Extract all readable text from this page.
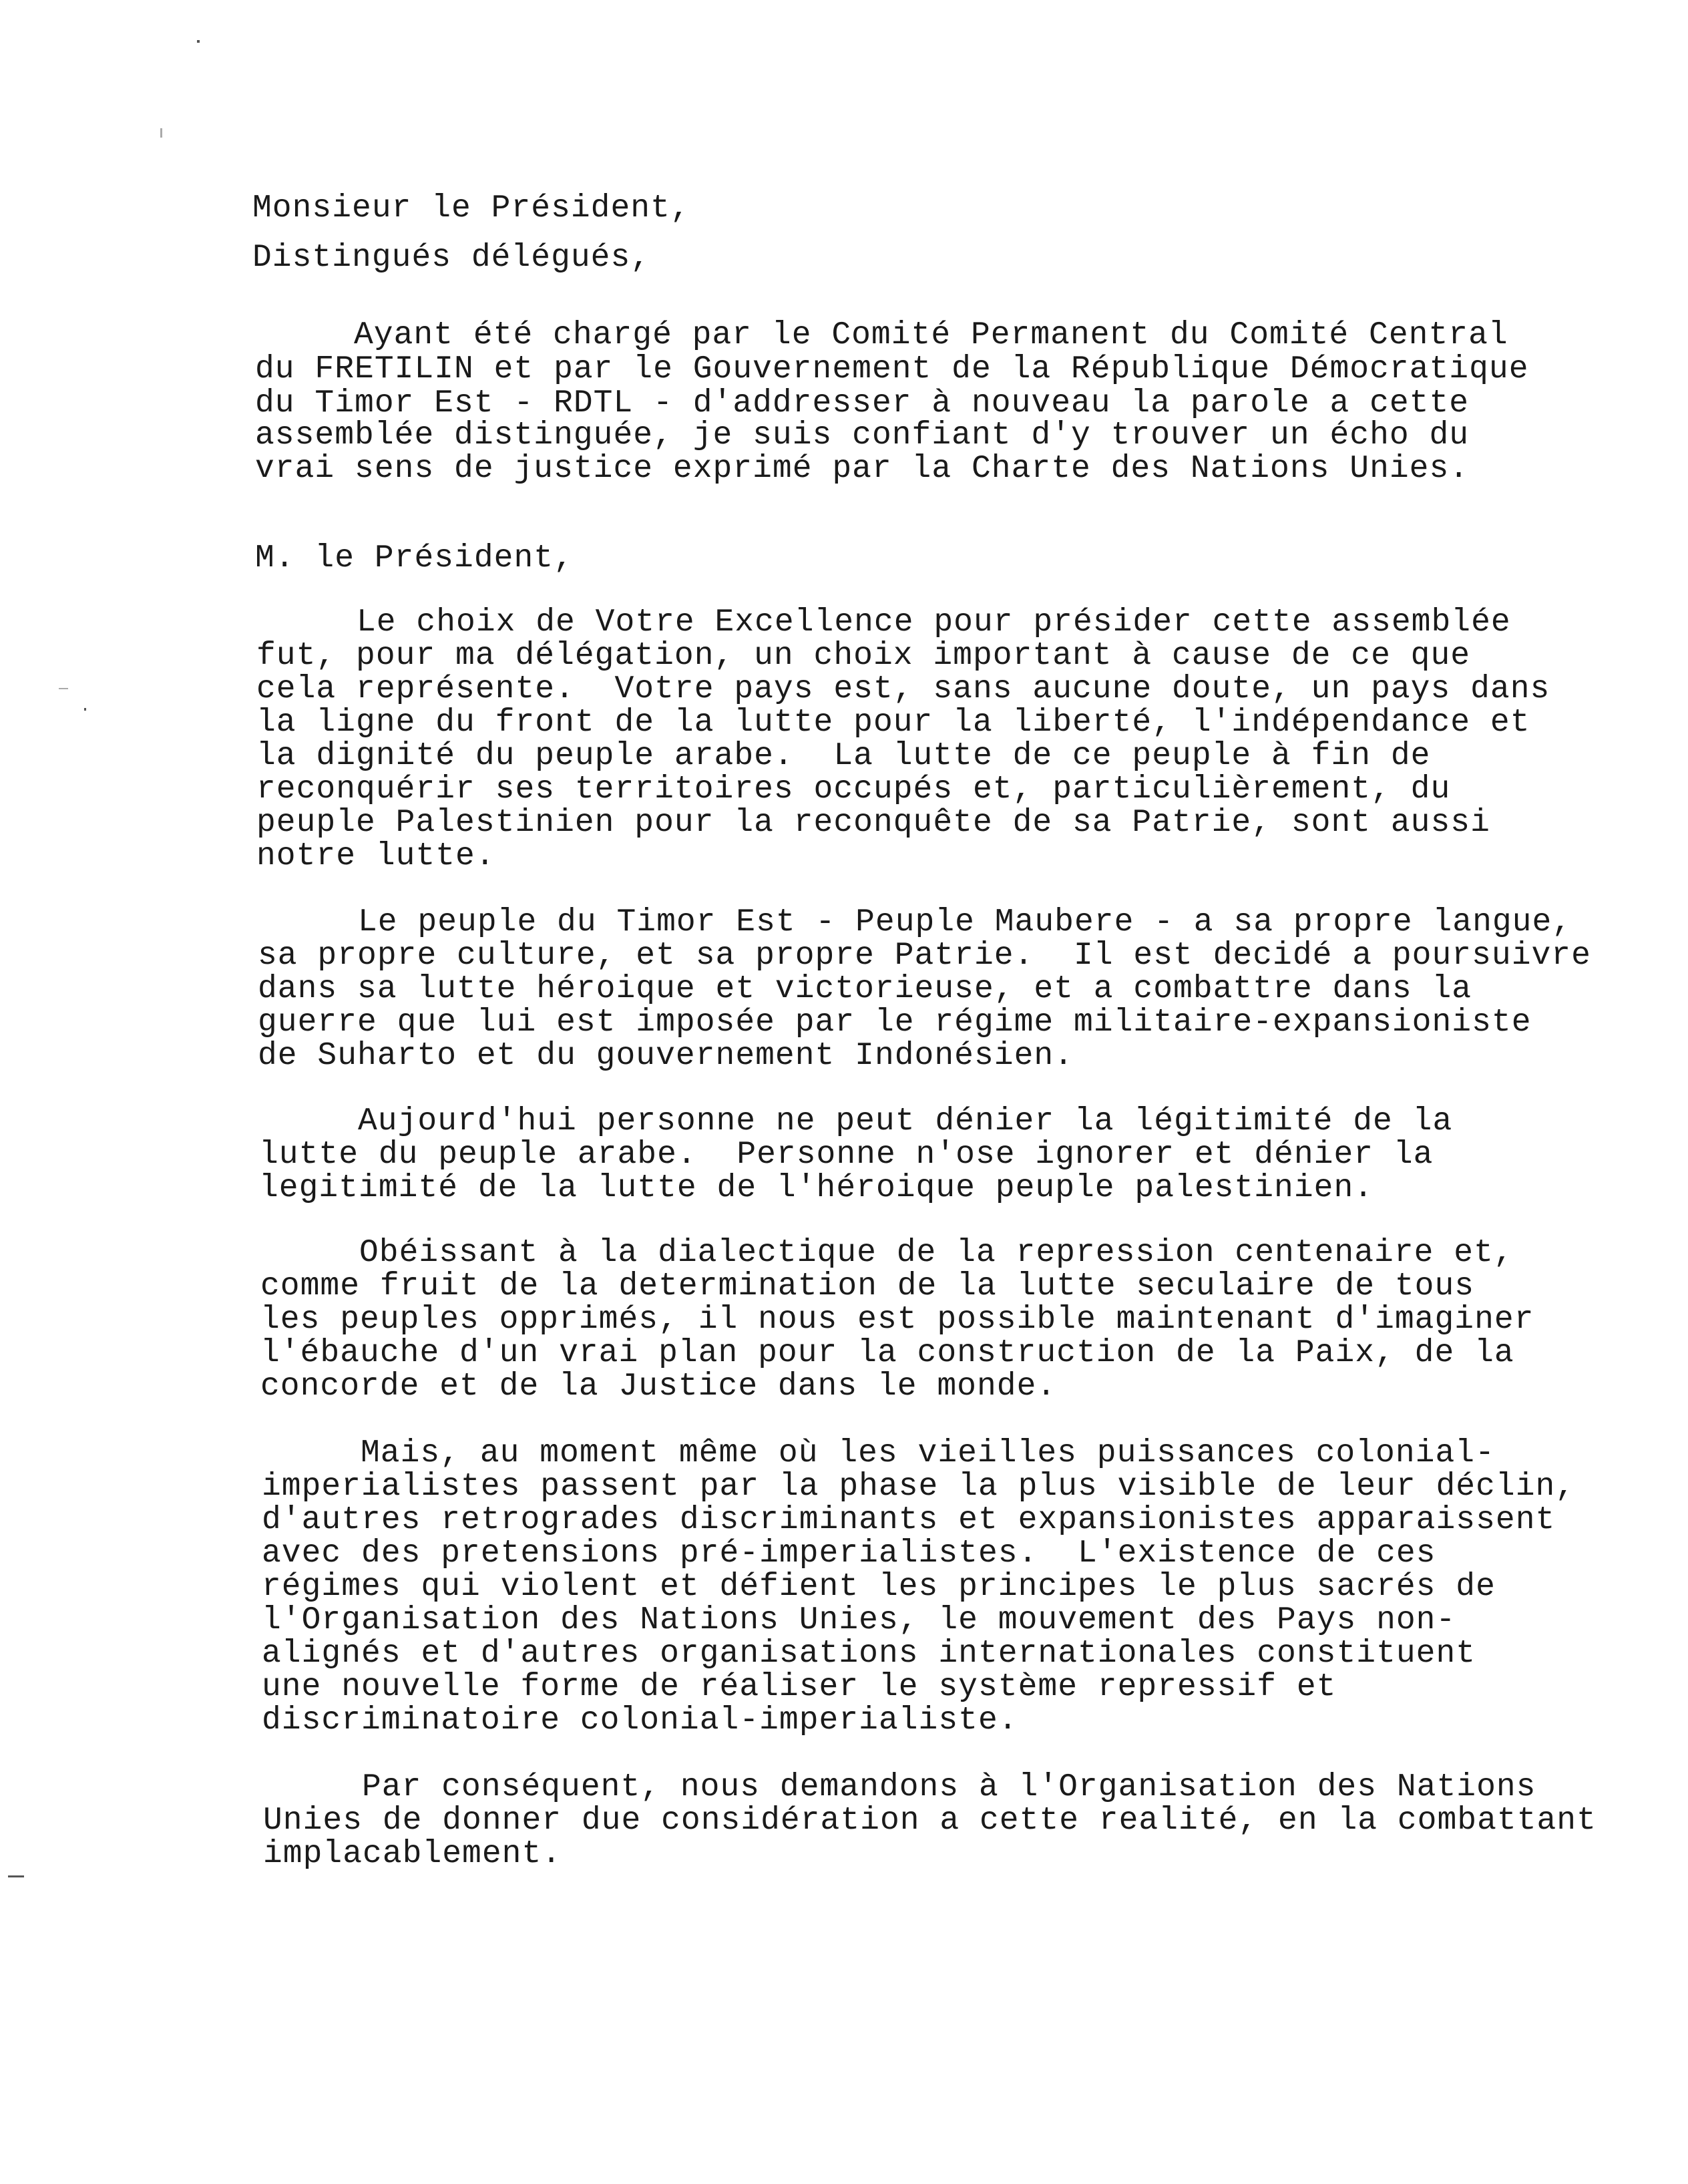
Monsieur le Président,
Distingués délégués,
Ayant été chargé par le Comité Permanent du Comité Central
du FRETILIN et par le Gouvernement de la République Démocratique
du Timor Est - RDTL - d'addresser à nouveau la parole a cette
assemblée distinguée, je suis confiant d'y trouver un écho du
vrai sens de justice exprimé par la Charte des Nations Unies.
M. le Président,
Le choix de Votre Excellence pour présider cette assemblée
fut, pour ma délégation, un choix important à cause de ce que
cela représente.  Votre pays est, sans aucune doute, un pays dans
la ligne du front de la lutte pour la liberté, l'indépendance et
la dignité du peuple arabe.  La lutte de ce peuple à fin de
reconquérir ses territoires occupés et, particulièrement, du
peuple Palestinien pour la reconquête de sa Patrie, sont aussi
notre lutte.
Le peuple du Timor Est - Peuple Maubere - a sa propre langue,
sa propre culture, et sa propre Patrie.  Il est decidé a poursuivre
dans sa lutte héroique et victorieuse, et a combattre dans la
guerre que lui est imposée par le régime militaire-expansioniste
de Suharto et du gouvernement Indonésien.
Aujourd'hui personne ne peut dénier la légitimité de la
lutte du peuple arabe.  Personne n'ose ignorer et dénier la
legitimité de la lutte de l'héroique peuple palestinien.
Obéissant à la dialectique de la repression centenaire et,
comme fruit de la determination de la lutte seculaire de tous
les peuples opprimés, il nous est possible maintenant d'imaginer
l'ébauche d'un vrai plan pour la construction de la Paix, de la
concorde et de la Justice dans le monde.
Mais, au moment même où les vieilles puissances colonial-
imperialistes passent par la phase la plus visible de leur déclin,
d'autres retrogrades discriminants et expansionistes apparaissent
avec des pretensions pré-imperialistes.  L'existence de ces
régimes qui violent et défient les principes le plus sacrés de
l'Organisation des Nations Unies, le mouvement des Pays non-
alignés et d'autres organisations internationales constituent
une nouvelle forme de réaliser le système repressif et
discriminatoire colonial-imperialiste.
Par conséquent, nous demandons à l'Organisation des Nations
Unies de donner due considération a cette realité, en la combattant
implacablement.
